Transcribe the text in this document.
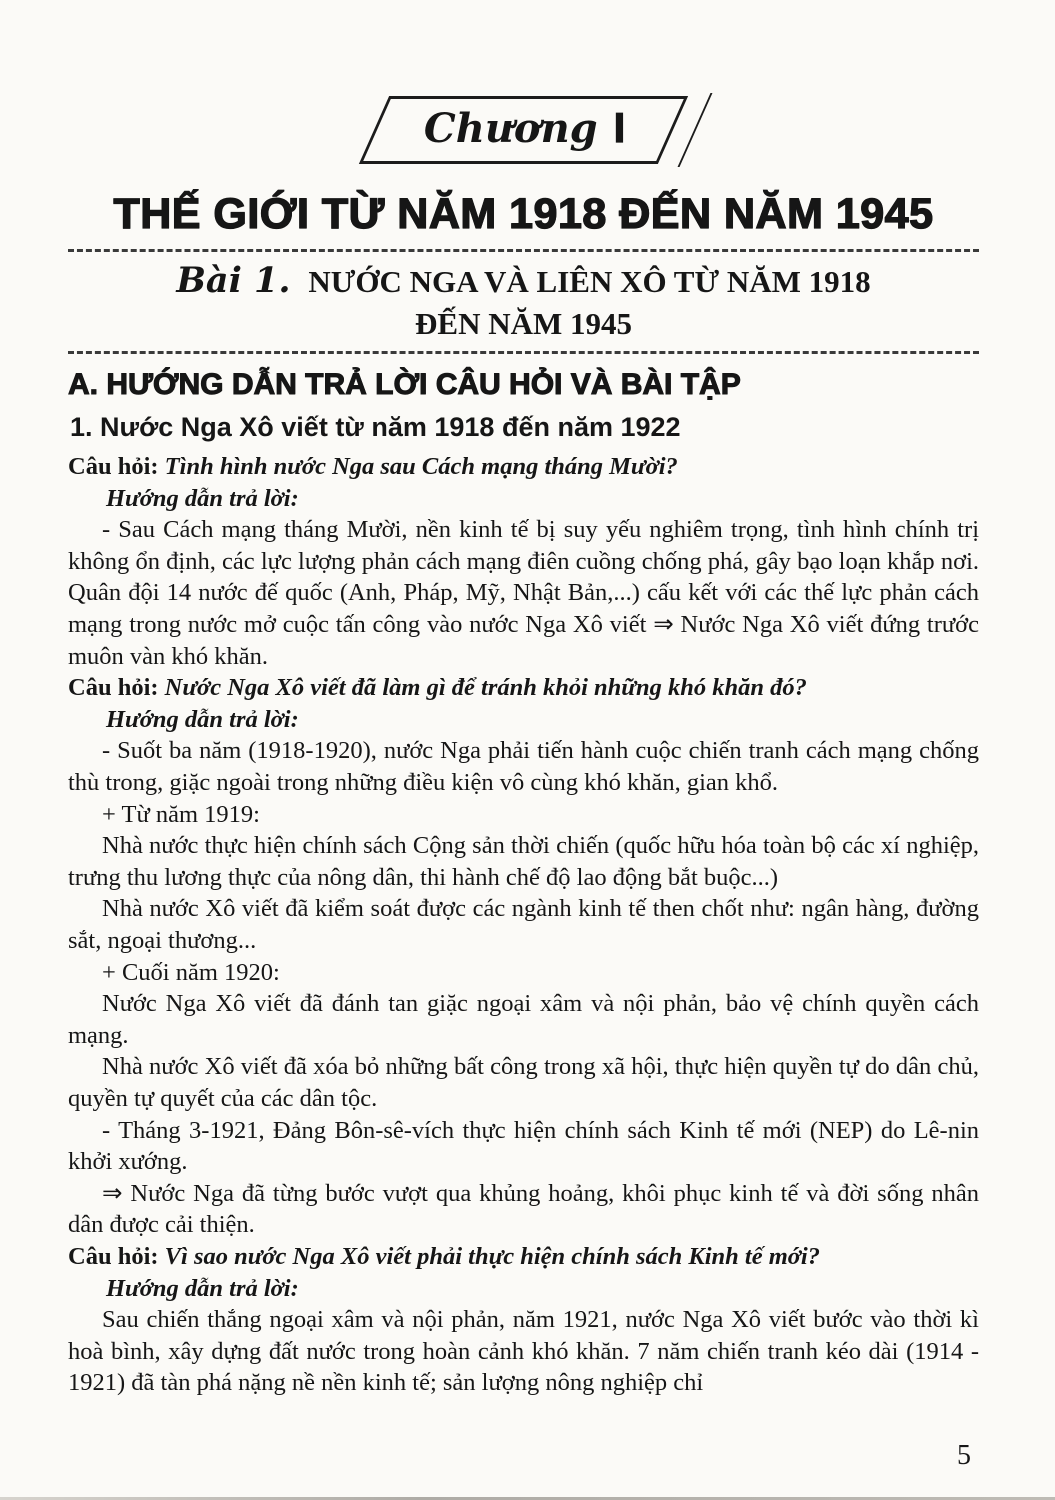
Chương I
THẾ GIỚI TỪ NĂM 1918 ĐẾN NĂM 1945
Bài 1. NƯỚC NGA VÀ LIÊN XÔ TỪ NĂM 1918
ĐẾN NĂM 1945
A. HƯỚNG DẪN TRẢ LỜI CÂU HỎI VÀ BÀI TẬP
1. Nước Nga Xô viết từ năm 1918 đến năm 1922

Câu hỏi: Tình hình nước Nga sau Cách mạng tháng Mười?

Hướng dẫn trả lời:

- Sau Cách mạng tháng Mười, nền kinh tế bị suy yếu nghiêm trọng, tình hình chính trị không ổn định, các lực lượng phản cách mạng điên cuồng chống phá, gây bạo loạn khắp nơi. Quân đội 14 nước đế quốc (Anh, Pháp, Mỹ, Nhật Bản,...) cấu kết với các thế lực phản cách mạng trong nước mở cuộc tấn công vào nước Nga Xô viết ⇒ Nước Nga Xô viết đứng trước muôn vàn khó khăn.

Câu hỏi: Nước Nga Xô viết đã làm gì để tránh khỏi những khó khăn đó?

Hướng dẫn trả lời:

- Suốt ba năm (1918-1920), nước Nga phải tiến hành cuộc chiến tranh cách mạng chống thù trong, giặc ngoài trong những điều kiện vô cùng khó khăn, gian khổ.

+ Từ năm 1919:

Nhà nước thực hiện chính sách Cộng sản thời chiến (quốc hữu hóa toàn bộ các xí nghiệp, trưng thu lương thực của nông dân, thi hành chế độ lao động bắt buộc...)

Nhà nước Xô viết đã kiểm soát được các ngành kinh tế then chốt như: ngân hàng, đường sắt, ngoại thương...

+ Cuối năm 1920:

Nước Nga Xô viết đã đánh tan giặc ngoại xâm và nội phản, bảo vệ chính quyền cách mạng.

Nhà nước Xô viết đã xóa bỏ những bất công trong xã hội, thực hiện quyền tự do dân chủ, quyền tự quyết của các dân tộc.

- Tháng 3-1921, Đảng Bôn-sê-vích thực hiện chính sách Kinh tế mới (NEP) do Lê-nin khởi xướng.

⇒ Nước Nga đã từng bước vượt qua khủng hoảng, khôi phục kinh tế và đời sống nhân dân được cải thiện.

Câu hỏi: Vì sao nước Nga Xô viết phải thực hiện chính sách Kinh tế mới?

Hướng dẫn trả lời:

Sau chiến thắng ngoại xâm và nội phản, năm 1921, nước Nga Xô viết bước vào thời kì hoà bình, xây dựng đất nước trong hoàn cảnh khó khăn. 7 năm chiến tranh kéo dài (1914 - 1921) đã tàn phá nặng nề nền kinh tế; sản lượng nông nghiệp chỉ

5
